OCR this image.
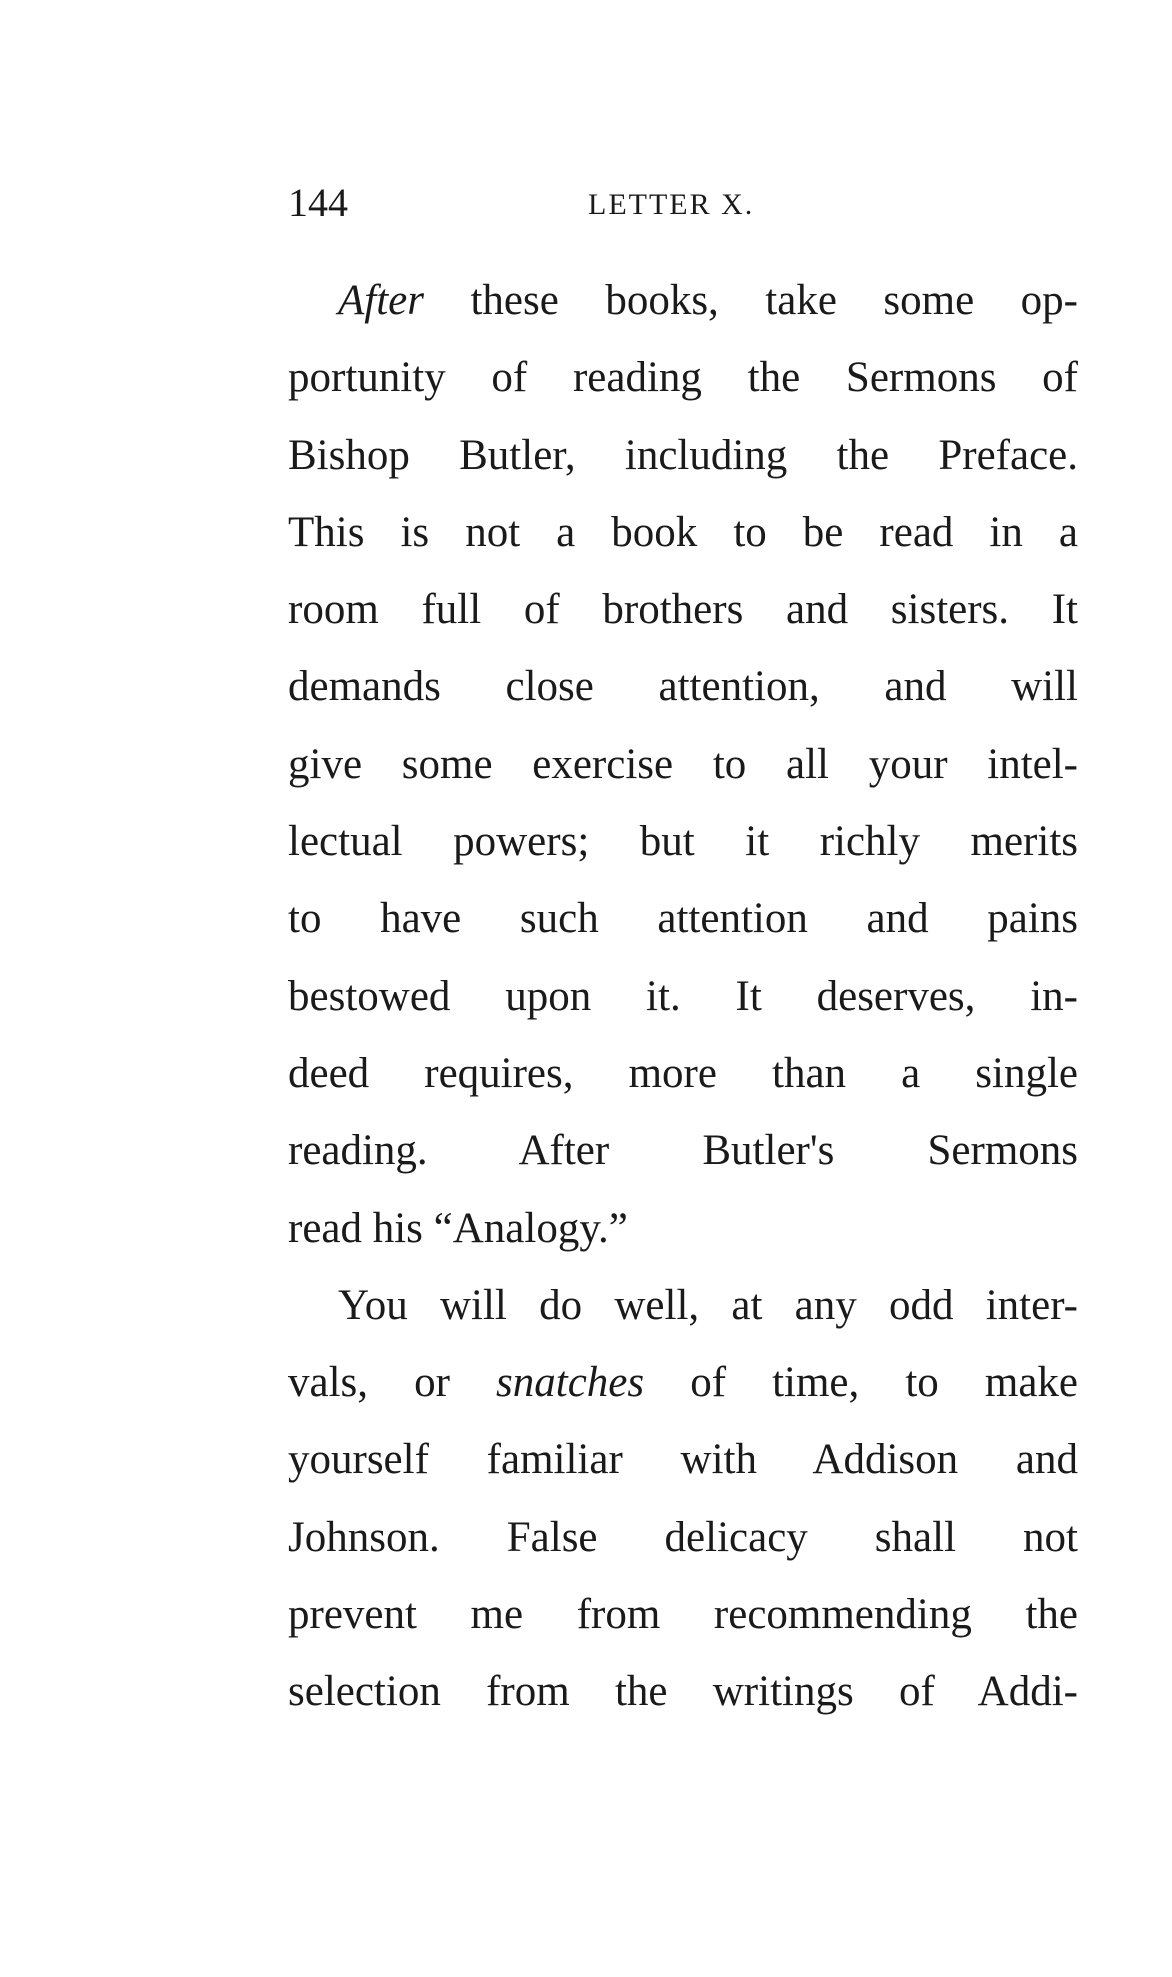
144	LETTER X.
After these books, take some op-
portunity of reading the Sermons of
Bishop Butler, including the Preface.
This is not a book to be read in a
room full of brothers and sisters. It
demands close attention, and will
give some exercise to all your intel-
lectual powers; but it richly merits
to have such attention and pains
bestowed upon it. It deserves, in-
deed requires, more than a single
reading. After Butler's Sermons
read his “Analogy.”
You will do well, at any odd inter-
vals, or snatches of time, to make
yourself familiar with Addison and
Johnson. False delicacy shall not
prevent me from recommending the
selection from the writings of Addi-
